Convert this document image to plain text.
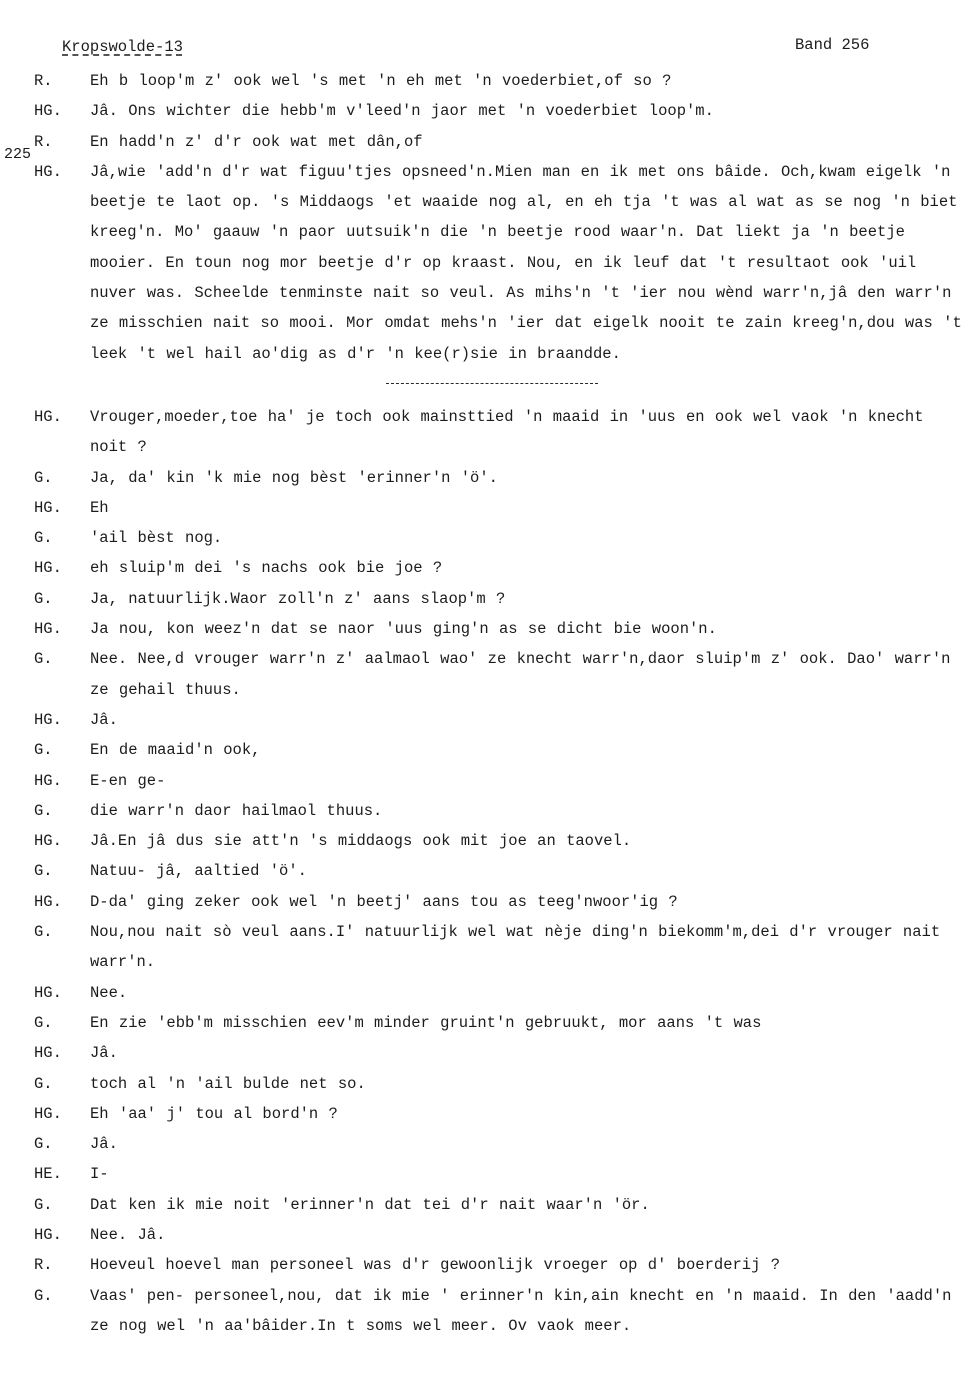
Kropswolde-13	Band 256
225
R.	Eh b loop'm z' ook wel 's met 'n eh met 'n voederbiet,of so ?
HG.	Jâ. Ons wichter die hebb'm v'leed'n jaor met 'n voederbiet loop'm.
R.	En hadd'n z' d'r ook wat met dân,of
HG.	Jâ,wie 'add'n d'r wat figuu'tjes opsneed'n.Mien man en ik met ons bâide. Och,kwam eigelk 'n beetje te laot op. 's Middaogs 'et waaide nog al, en eh tja 't was al wat as se nog 'n biet kreeg'n. Mo' gaauw 'n paor uutsuik'n die 'n beetje rood waar'n. Dat liekt ja 'n beetje mooier. En toun nog mor beetje d'r op kraast. Nou, en ik leuf dat 't resultaot ook 'uil nuver was. Scheelde tenminste nait so veul. As mihs'n 't 'ier nou wènd warr'n,jâ den warr'n ze misschien nait so mooi. Mor omdat mehs'n 'ier dat eigelk nooit te zain kreeg'n,dou was 't leek 't wel hail ao'dig as d'r 'n kee(r)sie in braandde.
HG.	Vrouger,moeder,toe ha' je toch ook mainsttied 'n maaid in 'uus en ook wel vaok 'n knecht noit ?
G.	Ja, da' kin 'k mie nog bèst 'erinner'n 'ö'.
HG.	Eh
G.	'ail bèst nog.
HG.	eh sluip'm dei 's nachs ook bie joe ?
G.	Ja, natuurlijk.Waor zoll'n z' aans slaop'm ?
HG.	Ja nou, kon weez'n dat se naor 'uus ging'n as se dicht bie woon'n.
G.	Nee. Nee,d vrouger warr'n z' aalmaol wao' ze knecht warr'n,daor sluip'm z' ook. Dao' warr'n ze gehail thuus.
HG.	Jâ.
G.	En de maaid'n ook,
HG.	E-en ge-
G.	die warr'n daor hailmaol thuus.
HG.	Jâ.En jâ dus sie att'n 's middaogs ook mit joe an taovel.
G.	Natuu- jâ, aaltied 'ö'.
HG.	D-da' ging zeker ook wel 'n beetj' aans tou as teeg'nwoor'ig ?
G.	Nou,nou nait sò veul aans.I' natuurlijk wel wat nèje ding'n biekomm'm,dei d'r vrouger nait warr'n.
HG.	Nee.
G.	En zie 'ebb'm misschien eev'm minder gruint'n gebruukt, mor aans 't was
HG.	Jâ.
G.	toch al 'n 'ail bulde net so.
HG.	Eh 'aa' j' tou al bord'n ?
G.	Jâ.
HE.	I-
G.	Dat ken ik mie noit 'erinner'n dat tei d'r nait waar'n 'ör.
HG.	Nee. Jâ.
R.	Hoeveul hoevel man personeel was d'r gewoonlijk vroeger op d' boerderij ?
G.	Vaas' pen- personeel,nou, dat ik mie ' erinner'n kin,ain knecht en 'n maaid. In den 'aadd'n ze nog wel 'n aa'bâider.In t soms wel meer. Ov vaok meer.
